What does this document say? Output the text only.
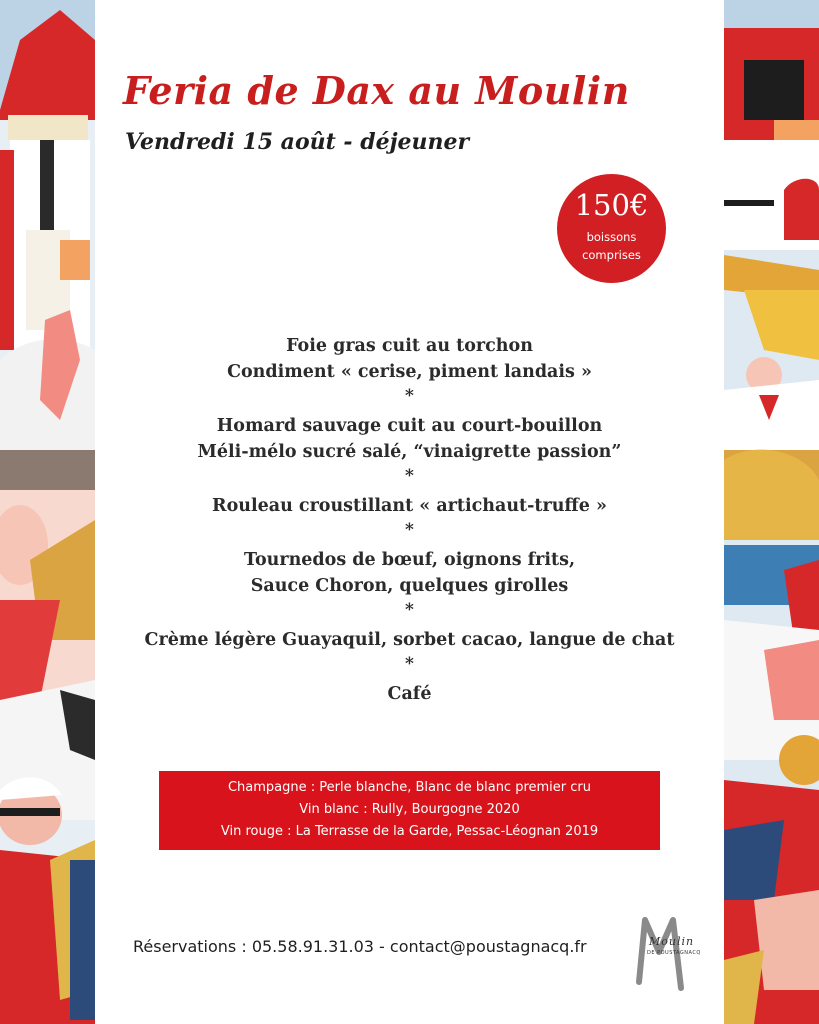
Feria de Dax au Moulin
Vendredi 15 août - déjeuner
150€
boissons
comprises
Foie gras cuit au torchon
Condiment « cerise, piment landais »
*
Homard sauvage cuit au court-bouillon
Méli-mélo sucré salé, “vinaigrette passion”
*
Rouleau croustillant « artichaut-truffe »
*
Tournedos de bœuf, oignons frits,
Sauce Choron, quelques girolles
*
Crème légère Guayaquil, sorbet cacao, langue de chat
*
Café
Champagne : Perle blanche, Blanc de blanc premier cru
Vin blanc : Rully, Bourgogne 2020
Vin rouge : La Terrasse de la Garde, Pessac-Léognan 2019
Réservations : 05.58.91.31.03 - contact@poustagnacq.fr	Moulin
DE POUSTAGNACQ
